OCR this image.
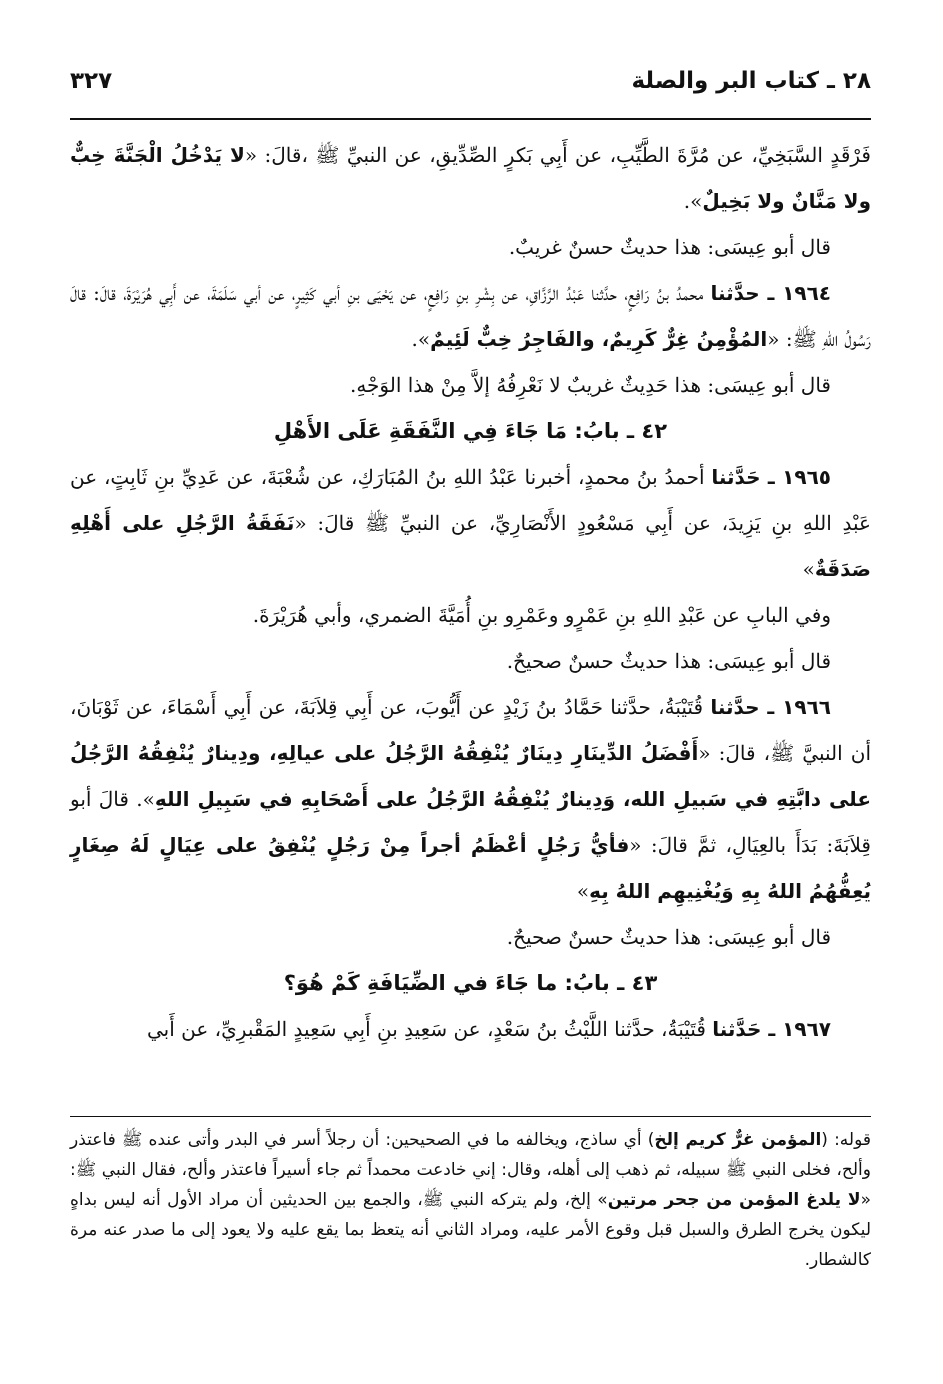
٢٨ ـ كتاب البر والصلة
٣٢٧

فَرْقَدٍ السَّبَخِيِّ، عن مُرَّةَ الطَّيِّبِ، عن أَبِي بَكرٍ الصِّدِّيقِ، عن النبيِّ ﷺ ،قالَ: «لا يَدْخُلُ الْجَنَّةَ خِبٌّ ولا مَنَّانٌ ولا بَخِيلٌ».

قال أبو عِيسَى: هذا حديثٌ حسنٌ غريبٌ.

١٩٦٤ ـ حدَّثنا محمدُ بنُ رَافِعٍ، حدَّثنا عَبْدُ الرَّزَّاقِ، عن بِشْرِ بنِ رَافِعٍ، عن يَحْيَى بنِ أبي كَثِيرٍ، عن أبي سَلَمَةَ، عن أَبِي هُرَيْرَةَ، قالَ: قالَ رَسُولُ اللهِ ﷺ: «المُؤْمِنُ غِرٌّ كَرِيمٌ، والفَاجِرُ خِبٌّ لَئِيمٌ».

قال أبو عِيسَى: هذا حَدِيثٌ غريبٌ لا نَعْرِفُهُ إلاَّ مِنْ هذا الوَجْهِ.

٤٢ ـ بابُ: مَا جَاءَ فِي النَّفَقَةِ عَلَى الأَهْلِ

١٩٦٥ ـ حَدَّثنا أحمدُ بنُ محمدٍ، أخبرنا عَبْدُ اللهِ بنُ المُبَارَكِ، عن شُعْبَةَ، عن عَدِيِّ بنِ ثَابِتٍ، عن عَبْدِ اللهِ بنِ يَزِيدَ، عن أَبِي مَسْعُودٍ الأَنْصَارِيِّ، عن النبيِّ ﷺ قالَ: «نَفَقَةُ الرَّجُلِ على أَهْلِهِ صَدَقَةٌ»

وفي البابِ عن عَبْدِ اللهِ بنِ عَمْرٍو وعَمْرِو بنِ أُمَيَّةَ الضمري، وأبي هُرَيْرَةَ.

قال أبو عِيسَى: هذا حديثٌ حسنٌ صحيحٌ.

١٩٦٦ ـ حدَّثنا قُتَيْبَةُ، حدَّثنا حَمَّادُ بنُ زَيْدٍ عن أَيُّوبَ، عن أَبِي قِلاَبَةَ، عن أَبِي أَسْمَاءَ، عن ثَوْبَانَ، أن النبيَّ ﷺ، قالَ: «أَفْضَلُ الدِّينَارِ دِينَارٌ يُنْفِقُهُ الرَّجُلُ على عيالِهِ، ودِينارٌ يُنْفِقُهُ الرَّجُلُ على دابَّتِهِ في سَبيلِ الله، وَدِينارٌ يُنْفِقُهُ الرَّجُلُ على أَصْحَابِهِ في سَبِيلِ اللهِ». قالَ أبو قِلاَبَةَ: بَدَأَ بالعِيَالِ، ثمَّ قالَ: «فأيُّ رَجُلٍ أعْظَمُ أجراً مِنْ رَجُلٍ يُنْفِقُ على عِيَالٍ لَهُ صِغَارٍ يُعِفُّهُمُ اللهُ بِهِ وَيُغْنِيهِم اللهُ بِهِ»

قال أبو عِيسَى: هذا حديثٌ حسنٌ صحيحٌ.

٤٣ ـ بابُ: ما جَاءَ في الضِّيَافَةِ كَمْ هُوَ؟

١٩٦٧ ـ حَدَّثنا قُتَيْبَةُ، حدَّثنا اللَّيْثُ بنُ سَعْدٍ، عن سَعِيدِ بنِ أَبِي سَعِيدٍ المَقْبرِيِّ، عن أَبي

قوله: (المؤمن غرٌّ كريم إلخ) أي ساذج، ويخالفه ما في الصحيحين: أن رجلاً أسر في البدر وأتى عنده ﷺ فاعتذر وألح، فخلى النبي ﷺ سبيله، ثم ذهب إلى أهله، وقال: إني خادعت محمداً ثم جاء أسيراً فاعتذر وألح، فقال النبي ﷺ: «لا يلدغ المؤمن من جحر مرتين» إلخ، ولم يتركه النبي ﷺ، والجمع بين الحديثين أن مراد الأول أنه ليس بداهٍ ليكون يخرج الطرق والسبل قبل وقوع الأمر عليه، ومراد الثاني أنه يتعظ بما يقع عليه ولا يعود إلى ما صدر عنه مرة كالشطار.
